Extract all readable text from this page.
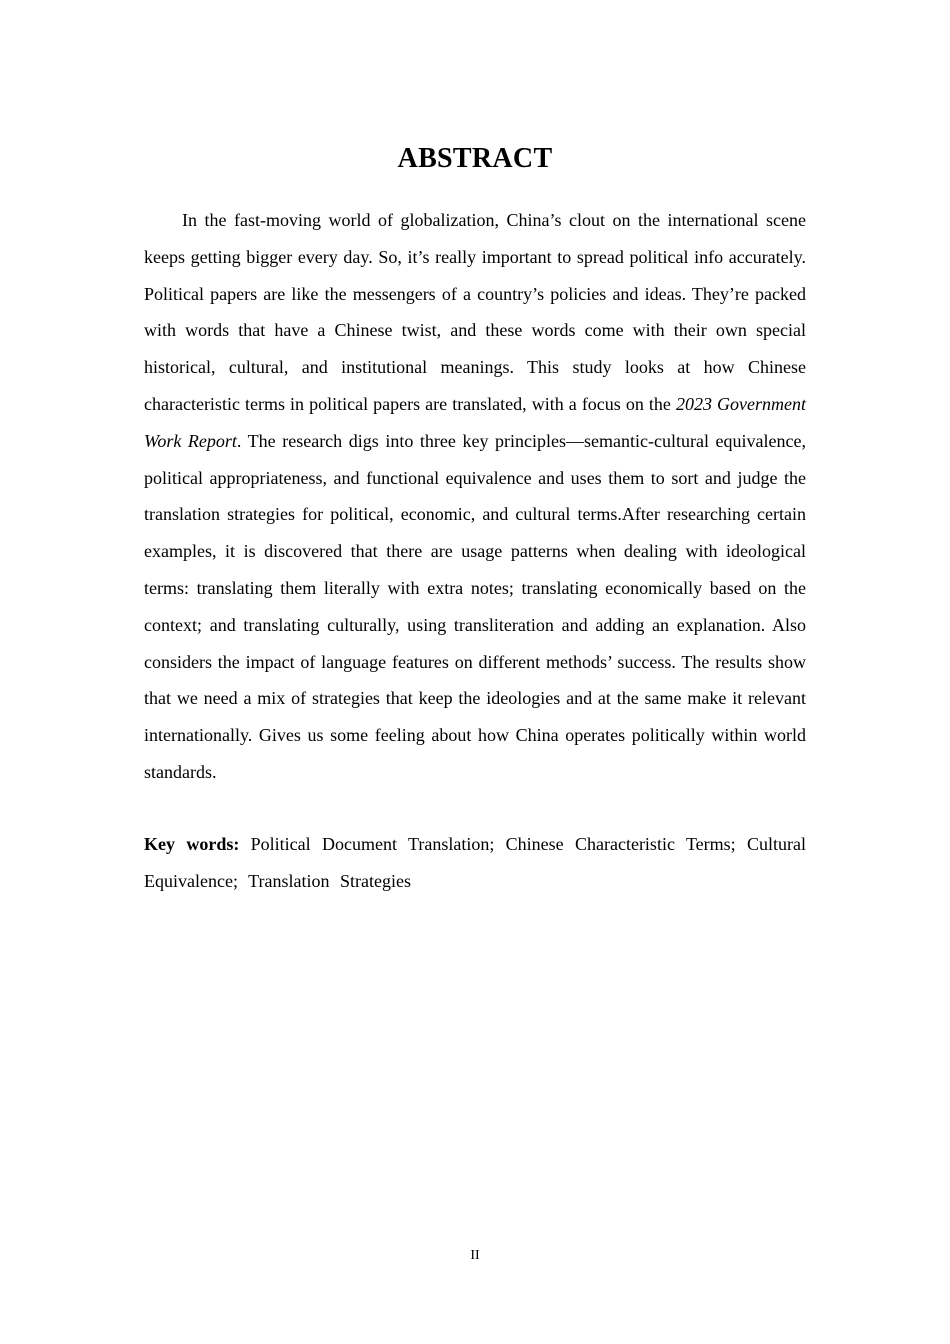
ABSTRACT

In the fast-moving world of globalization, China’s clout on the international scene keeps getting bigger every day. So, it’s really important to spread political info accurately. Political papers are like the messengers of a country’s policies and ideas. They’re packed with words that have a Chinese twist, and these words come with their own special historical, cultural, and institutional meanings. This study looks at how Chinese characteristic terms in political papers are translated, with a focus on the 2023 Government Work Report. The research digs into three key principles—semantic-cultural equivalence, political appropriateness, and functional equivalence and uses them to sort and judge the translation strategies for political, economic, and cultural terms.After researching certain examples, it is discovered that there are usage patterns when dealing with ideological terms: translating them literally with extra notes; translating economically based on the context; and translating culturally, using transliteration and adding an explanation. Also considers the impact of language features on different methods’ success. The results show that we need a mix of strategies that keep the ideologies and at the same make it relevant internationally. Gives us some feeling about how China operates politically within world standards.

Key words: Political Document Translation; Chinese Characteristic Terms; Cultural Equivalence; Translation Strategies

II
